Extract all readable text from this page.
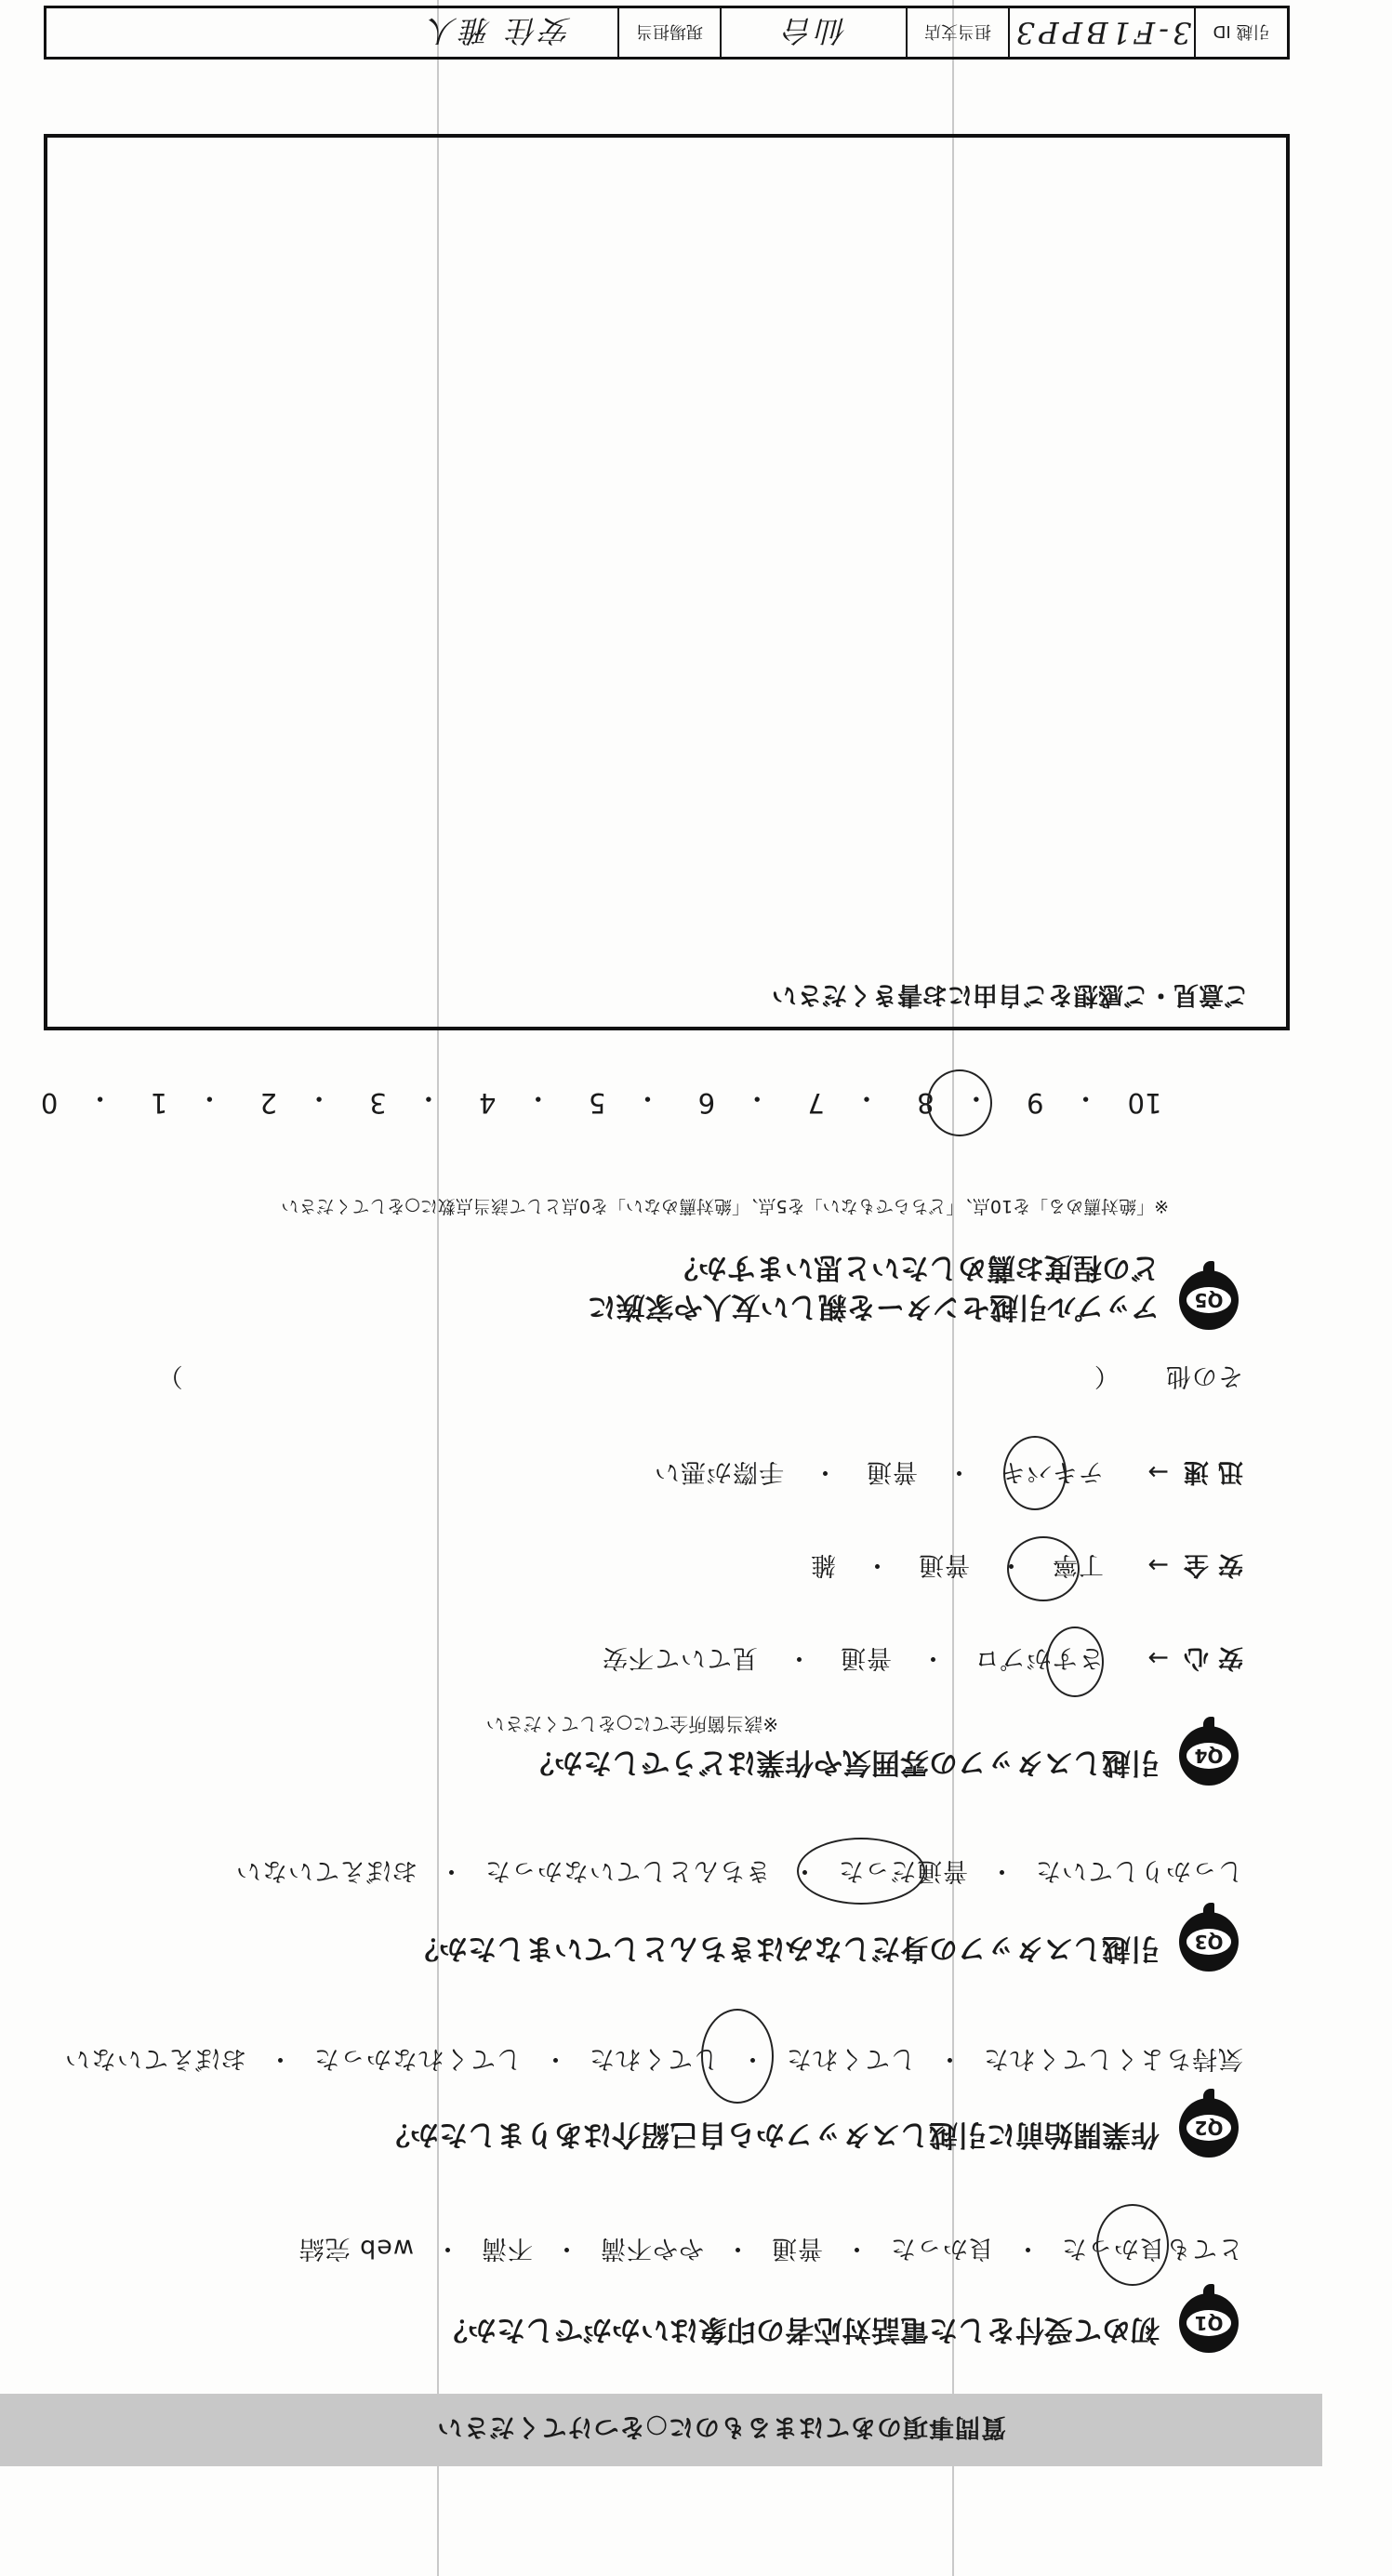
質問事項のあてはまるものに○をつけてください
Q1
初めて受付をした電話対応者の印象はいかがでしたか？
とても良かった・良かった・普通・やや不満・不満・web 完結
Q2
作業開始前に引越しスタッフから自己紹介はありましたか？
気持ちよくしてくれた・してくれた・してくれた・してくれなかった・おぼえていない
Q3
引越しスタッフの身だしなみはきちんとしていましたか？
しっかりしていた・普通だった・きちんとしていなかった・おぼえていない
Q4
引越しスタッフの雰囲気や作業はどうでしたか？
※該当箇所全てに○をしてください
安心→さすがプロ・普通・見ていて不安
安全→丁寧・普通・雑
迅速→テキパキ・普通・手際が悪い
その他  （  ）
Q5
アップル引越センターを親しい友人や家族に
どの程度お薦めしたいと思いますか？
※「絶対薦める」を10点、「どちらでもない」を5点、「絶対薦めない」を0点として該当点数に○をしてください
10
・
9
・
8
・
7
・
6
・
5
・
4
・
3
・
2
・
1
・
0
ご意見・ご感想をご自由にお書きください
引越 ID
3-F1BPP3
担当支店
仙台
現場担当
安住 雅人
